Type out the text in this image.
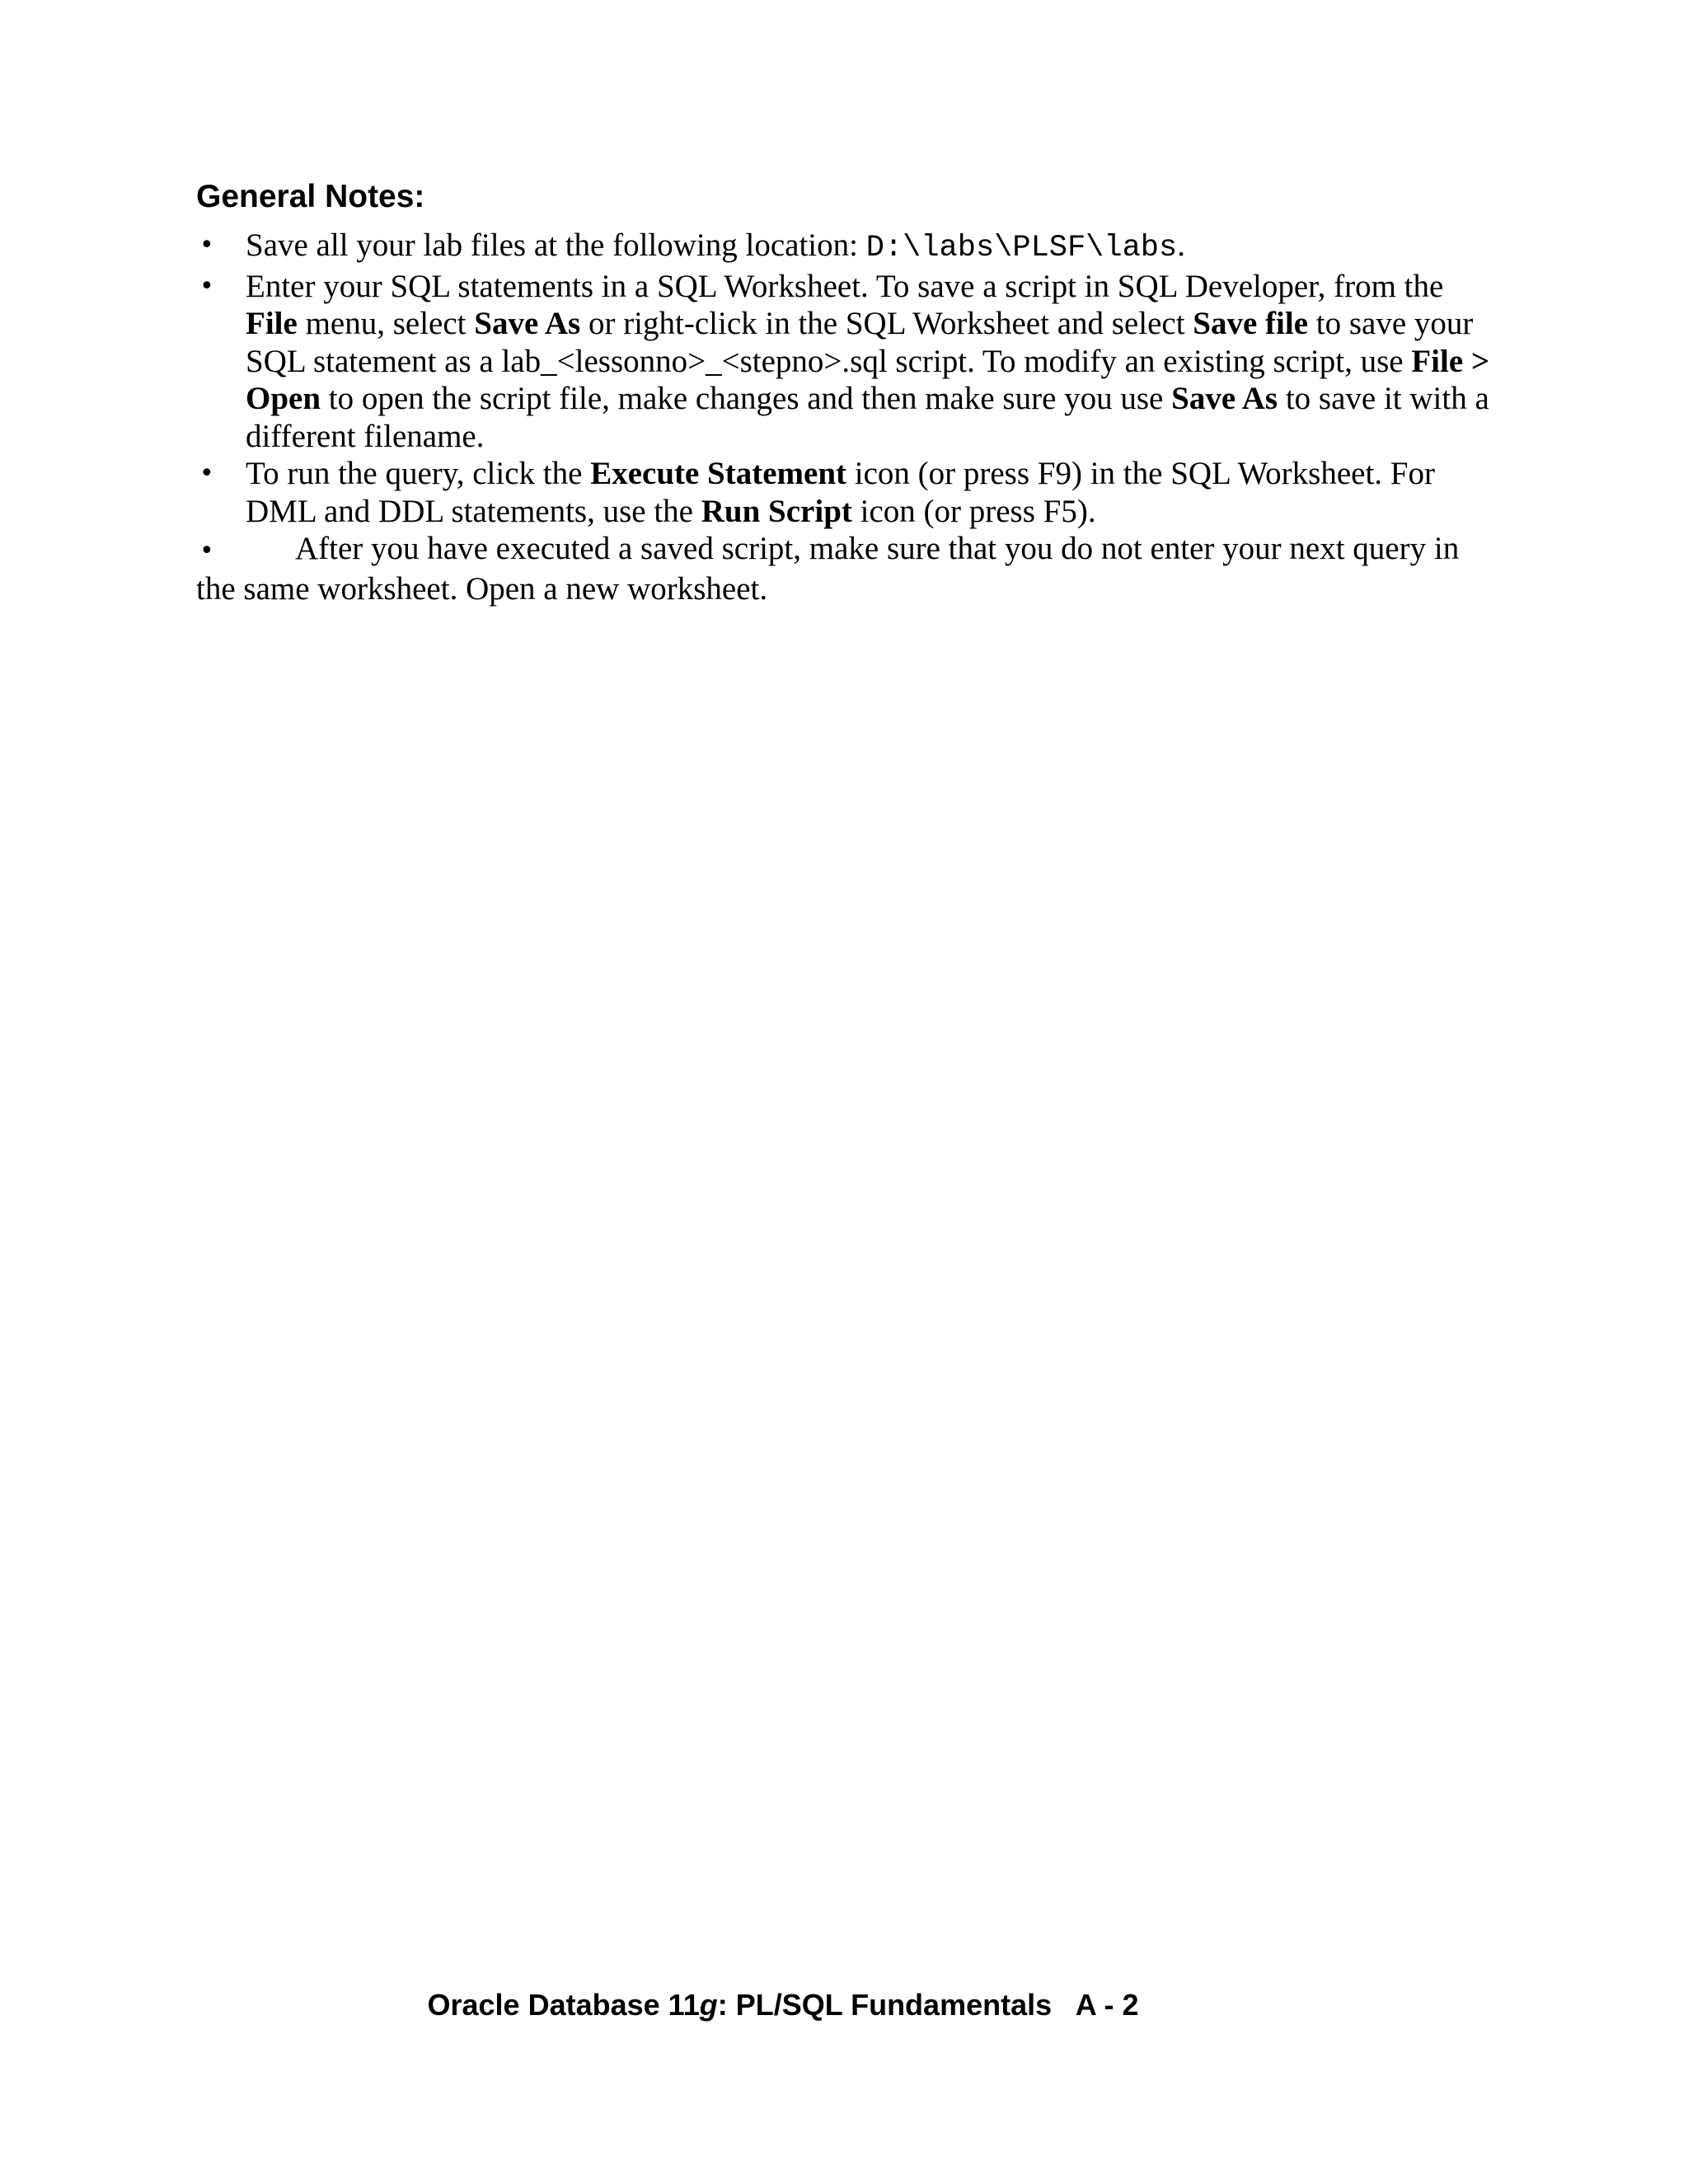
General Notes:
• Save all your lab files at the following location: D:\labs\PLSF\labs.
• Enter your SQL statements in a SQL Worksheet. To save a script in SQL Developer, from the File menu, select Save As or right-click in the SQL Worksheet and select Save file to save your SQL statement as a lab_<lessonno>_<stepno>.sql script. To modify an existing script, use File > Open to open the script file, make changes and then make sure you use Save As to save it with a different filename.
• To run the query, click the Execute Statement icon (or press F9) in the SQL Worksheet. For DML and DDL statements, use the Run Script icon (or press F5).
•	After you have executed a saved script, make sure that you do not enter your next query in the same worksheet. Open a new worksheet.
Oracle Database 11g: PL/SQL Fundamentals   A - 2
